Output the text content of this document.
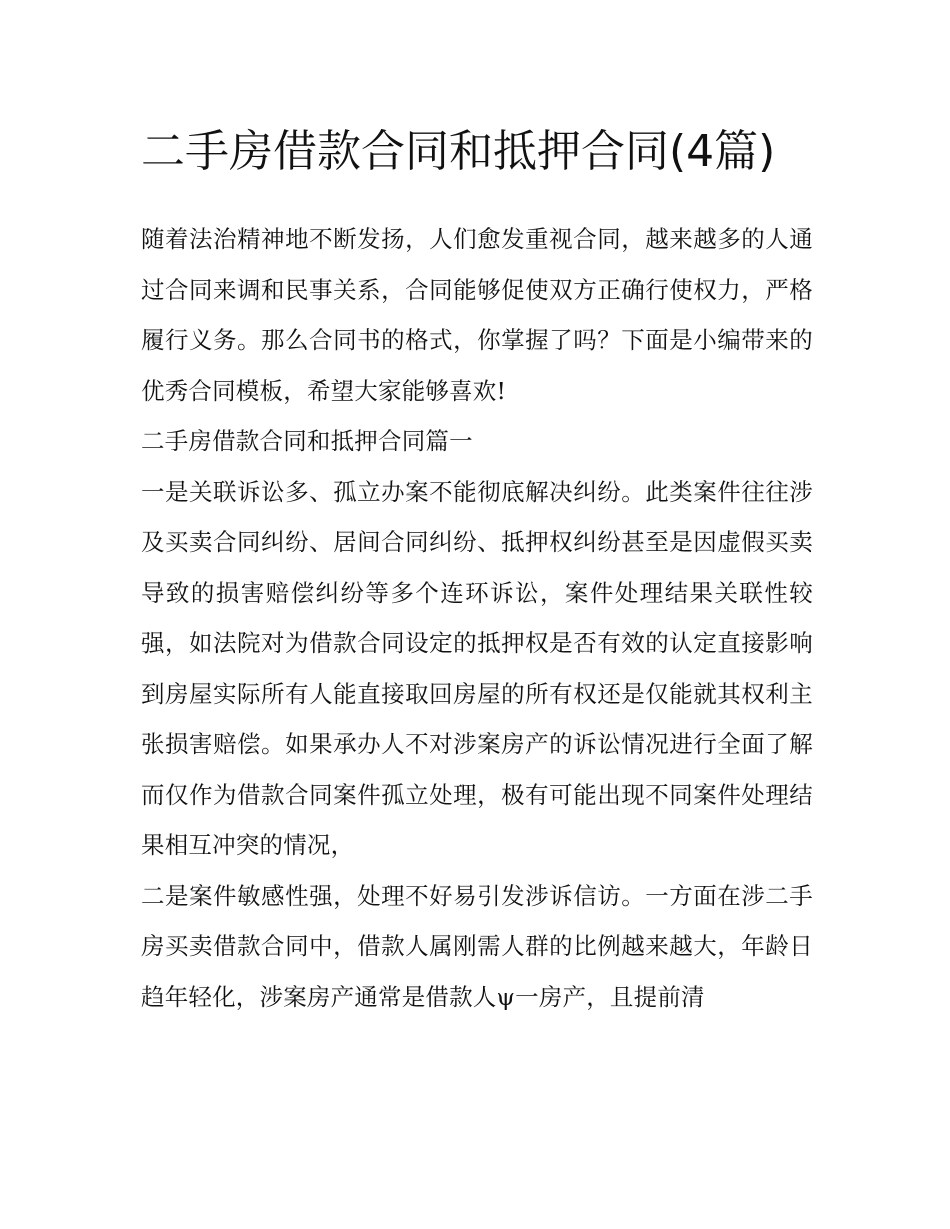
二手房借款合同和抵押合同(4篇)

随着法治精神地不断发扬，人们愈发重视合同，越来越多的人通过合同来调和民事关系，合同能够促使双方正确行使权力，严格履行义务。那么合同书的格式，你掌握了吗？下面是小编带来的优秀合同模板，希望大家能够喜欢!

二手房借款合同和抵押合同篇一

一是关联诉讼多、孤立办案不能彻底解决纠纷。此类案件往往涉及买卖合同纠纷、居间合同纠纷、抵押权纠纷甚至是因虚假买卖导致的损害赔偿纠纷等多个连环诉讼，案件处理结果关联性较强，如法院对为借款合同设定的抵押权是否有效的认定直接影响到房屋实际所有人能直接取回房屋的所有权还是仅能就其权利主张损害赔偿。如果承办人不对涉案房产的诉讼情况进行全面了解而仅作为借款合同案件孤立处理，极有可能出现不同案件处理结果相互冲突的情况，

二是案件敏感性强，处理不好易引发涉诉信访。一方面在涉二手房买卖借款合同中，借款人属刚需人群的比例越来越大，年龄日趋年轻化，涉案房产通常是借款人ψ一房产，且提前清
